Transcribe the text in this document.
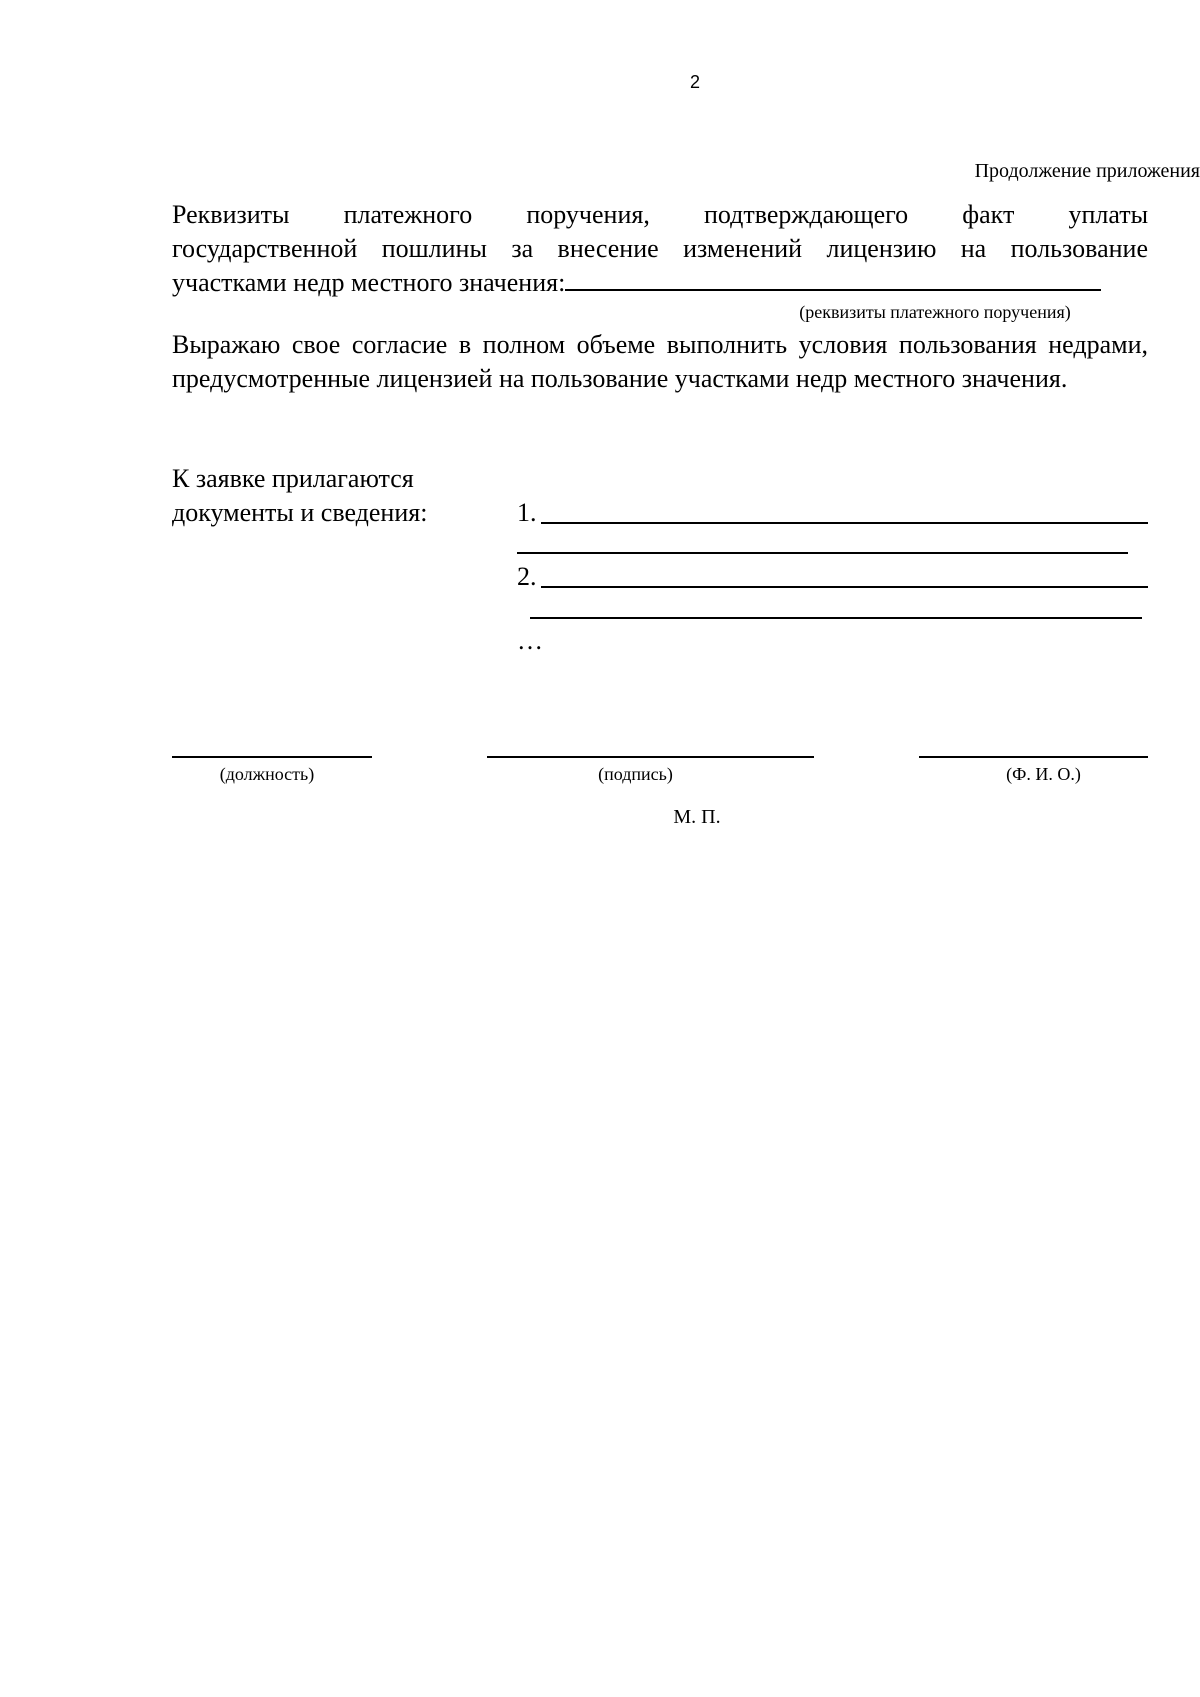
2
Продолжение приложения
Реквизиты платежного поручения, подтверждающего факт уплаты
государственной пошлины за внесение изменений лицензию на пользование
участками недр местного значения:
(реквизиты платежного поручения)
Выражаю свое согласие в полном объеме выполнить условия пользования недрами, предусмотренные лицензией на пользование участками недр местного значения.
К заявке прилагаются
документы и сведения:	1.
2.
…
(должность)	(подпись)	(Ф. И. О.)
М. П.
